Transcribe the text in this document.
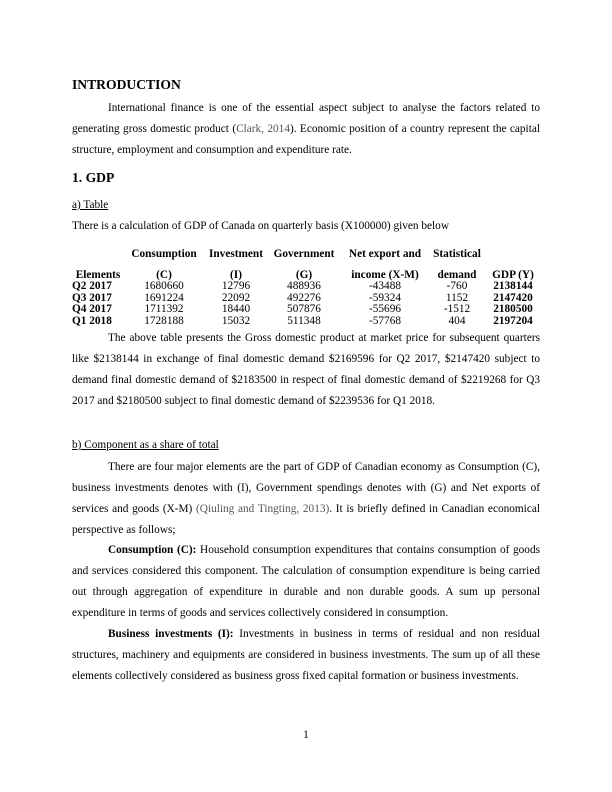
INTRODUCTION
International finance is one of the essential aspect subject to analyse the factors related to generating gross domestic product (Clark, 2014). Economic position of a country represent the capital structure, employment and consumption and expenditure rate.
1. GDP
a) Table
There is a calculation of GDP of Canada on quarterly basis (X100000) given below
	Consumption	Investment	Government	Net export and	Statistical	
Elements	(C)	(I)	(G)	income (X-M)	demand	GDP (Y)
Q2 2017	1680660	12796	488936	-43488	-760	2138144
Q3 2017	1691224	22092	492276	-59324	1152	2147420
Q4 2017	1711392	18440	507876	-55696	-1512	2180500
Q1 2018	1728188	15032	511348	-57768	404	2197204
The above table presents the Gross domestic product at market price for subsequent quarters like $2138144 in exchange of final domestic demand $2169596 for Q2 2017, $2147420 subject to demand final domestic demand of $2183500 in respect of final domestic demand of $2219268 for Q3 2017 and $2180500 subject to final domestic demand of $2239536 for Q1 2018.
b) Component as a share of total
There are four major elements are the part of GDP of Canadian economy as Consumption (C), business investments denotes with (I), Government spendings denotes with (G) and Net exports of services and goods (X-M) (Qiuling and Tingting, 2013). It is briefly defined in Canadian economical perspective as follows;
Consumption (C): Household consumption expenditures that contains consumption of goods and services considered this component. The calculation of consumption expenditure is being carried out through aggregation of expenditure in durable and non durable goods. A sum up personal expenditure in terms of goods and services collectively considered in consumption.
Business investments (I): Investments in business in terms of residual and non residual structures, machinery and equipments are considered in business investments. The sum up of all these elements collectively considered as business gross fixed capital formation or business investments.
1
